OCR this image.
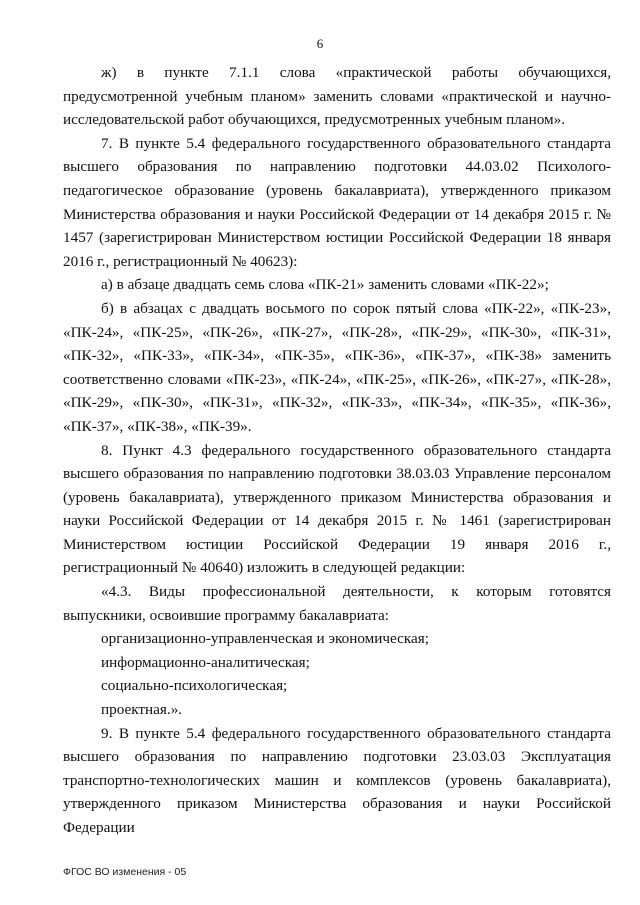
6

ж) в пункте 7.1.1 слова «практической работы обучающихся, предусмотренной учебным планом» заменить словами «практической и научно-исследовательской работ обучающихся, предусмотренных учебным планом».

7. В пункте 5.4 федерального государственного образовательного стандарта высшего образования по направлению подготовки 44.03.02 Психолого-педагогическое образование (уровень бакалавриата), утвержденного приказом Министерства образования и науки Российской Федерации от 14 декабря 2015 г. № 1457 (зарегистрирован Министерством юстиции Российской Федерации 18 января 2016 г., регистрационный № 40623):

а) в абзаце двадцать семь слова «ПК-21» заменить словами «ПК-22»;

б) в абзацах с двадцать восьмого по сорок пятый слова «ПК-22», «ПК-23», «ПК-24», «ПК-25», «ПК-26», «ПК-27», «ПК-28», «ПК-29», «ПК-30», «ПК-31», «ПК-32», «ПК-33», «ПК-34», «ПК-35», «ПК-36», «ПК-37», «ПК-38» заменить соответственно словами «ПК-23», «ПК-24», «ПК-25», «ПК-26», «ПК-27», «ПК-28», «ПК-29», «ПК-30», «ПК-31», «ПК-32», «ПК-33», «ПК-34», «ПК-35», «ПК-36», «ПК-37», «ПК-38», «ПК-39».

8. Пункт 4.3 федерального государственного образовательного стандарта высшего образования по направлению подготовки 38.03.03 Управление персоналом (уровень бакалавриата), утвержденного приказом Министерства образования и науки Российской Федерации от 14 декабря 2015 г. № 1461 (зарегистрирован Министерством юстиции Российской Федерации 19 января 2016 г., регистрационный № 40640) изложить в следующей редакции:

«4.3. Виды профессиональной деятельности, к которым готовятся выпускники, освоившие программу бакалавриата:

организационно-управленческая и экономическая;

информационно-аналитическая;

социально-психологическая;

проектная.».

9. В пункте 5.4 федерального государственного образовательного стандарта высшего образования по направлению подготовки 23.03.03 Эксплуатация транспортно-технологических машин и комплексов (уровень бакалавриата), утвержденного приказом Министерства образования и науки Российской Федерации

ФГОС ВО изменения - 05
